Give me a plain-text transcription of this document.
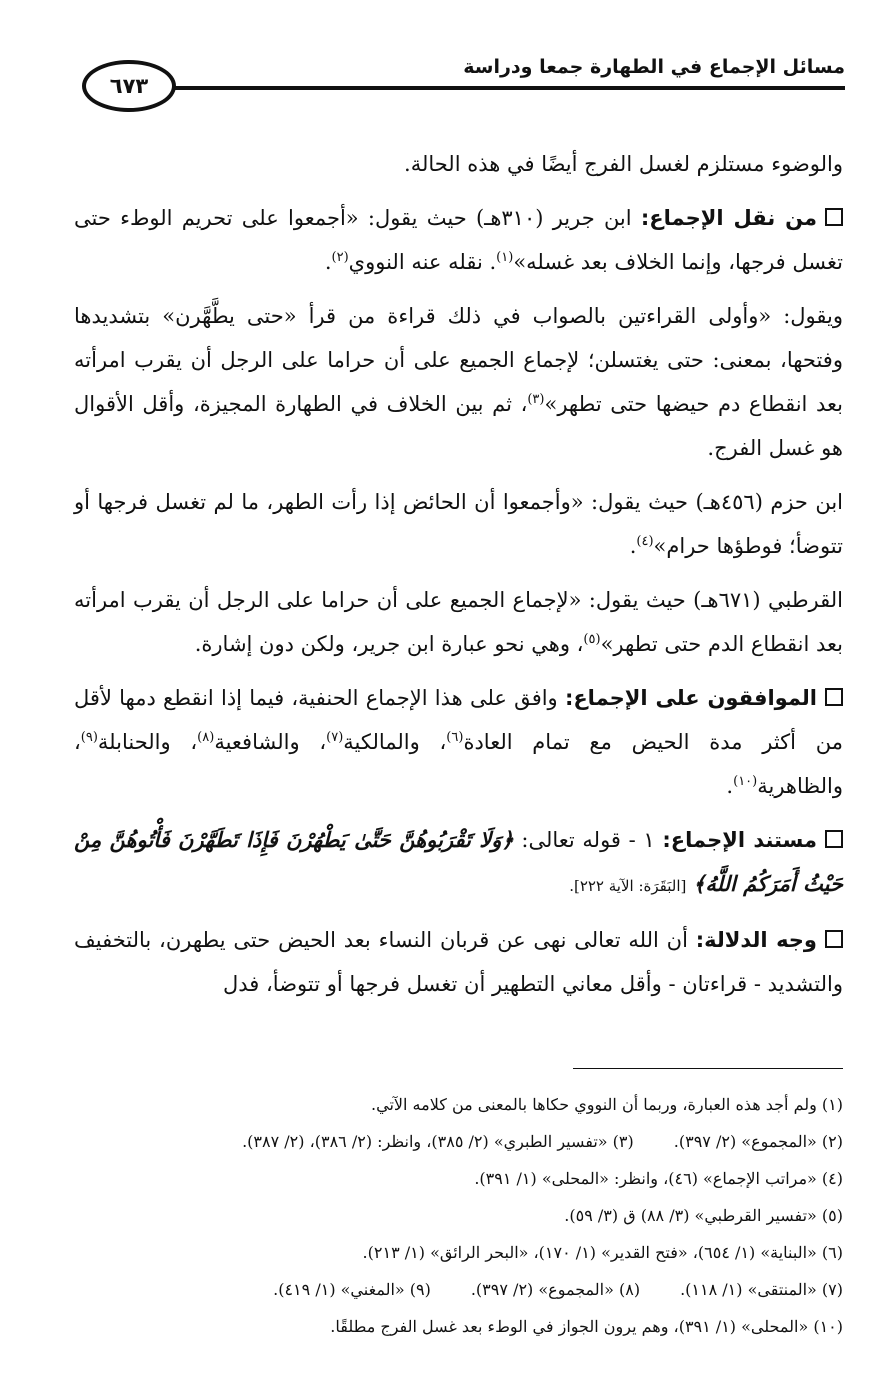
مسائل الإجماع في الطهارة جمعا ودراسة
٦٧٣

والوضوء مستلزم لغسل الفرج أيضًا في هذه الحالة.

من نقل الإجماع: ابن جرير (٣١٠هـ) حيث يقول: «أجمعوا على تحريم الوطء حتى تغسل فرجها، وإنما الخلاف بعد غسله»$^{(١)}$. نقله عنه النووي$^{(٢)}$.

ويقول: «وأولى القراءتين بالصواب في ذلك قراءة من قرأ «حتى يطَّهَّرن» بتشديدها وفتحها، بمعنى: حتى يغتسلن؛ لإجماع الجميع على أن حراما على الرجل أن يقرب امرأته بعد انقطاع دم حيضها حتى تطهر»$^{(٣)}$، ثم بين الخلاف في الطهارة المجيزة، وأقل الأقوال هو غسل الفرج.

ابن حزم (٤٥٦هـ) حيث يقول: «وأجمعوا أن الحائض إذا رأت الطهر، ما لم تغسل فرجها أو تتوضأ؛ فوطؤها حرام»$^{(٤)}$.

القرطبي (٦٧١هـ) حيث يقول: «لإجماع الجميع على أن حراما على الرجل أن يقرب امرأته بعد انقطاع الدم حتى تطهر»$^{(٥)}$، وهي نحو عبارة ابن جرير، ولكن دون إشارة.

الموافقون على الإجماع: وافق على هذا الإجماع الحنفية، فيما إذا انقطع دمها لأقل من أكثر مدة الحيض مع تمام العادة$^{(٦)}$، والمالكية$^{(٧)}$، والشافعية$^{(٨)}$، والحنابلة$^{(٩)}$، والظاهرية$^{(١٠)}$.

مستند الإجماع: ١ - قوله تعالى: ﴿وَلَا تَقْرَبُوهُنَّ حَتَّىٰ يَطْهُرْنَ فَإِذَا تَطَهَّرْنَ فَأْتُوهُنَّ مِنْ حَيْثُ أَمَرَكُمُ اللَّهُ﴾ [البَقَرَة: الآية ٢٢٢].

وجه الدلالة: أن الله تعالى نهى عن قربان النساء بعد الحيض حتى يطهرن، بالتخفيف والتشديد - قراءتان - وأقل معاني التطهير أن تغسل فرجها أو تتوضأ، فدل

(١) ولم أجد هذه العبارة، وربما أن النووي حكاها بالمعنى من كلامه الآتي.
(٢) «المجموع» (٢/ ٣٩٧).(٣) «تفسير الطبري» (٢/ ٣٨٥)، وانظر: (٢/ ٣٨٦)، (٢/ ٣٨٧).
(٤) «مراتب الإجماع» (٤٦)، وانظر: «المحلى» (١/ ٣٩١).
(٥) «تفسير القرطبي» (٣/ ٨٨) ق (٣/ ٥٩).
(٦) «البناية» (١/ ٦٥٤)، «فتح القدير» (١/ ١٧٠)، «البحر الرائق» (١/ ٢١٣).
(٧) «المنتقى» (١/ ١١٨).(٨) «المجموع» (٢/ ٣٩٧).(٩) «المغني» (١/ ٤١٩).
(١٠) «المحلى» (١/ ٣٩١)، وهم يرون الجواز في الوطء بعد غسل الفرج مطلقًا.
